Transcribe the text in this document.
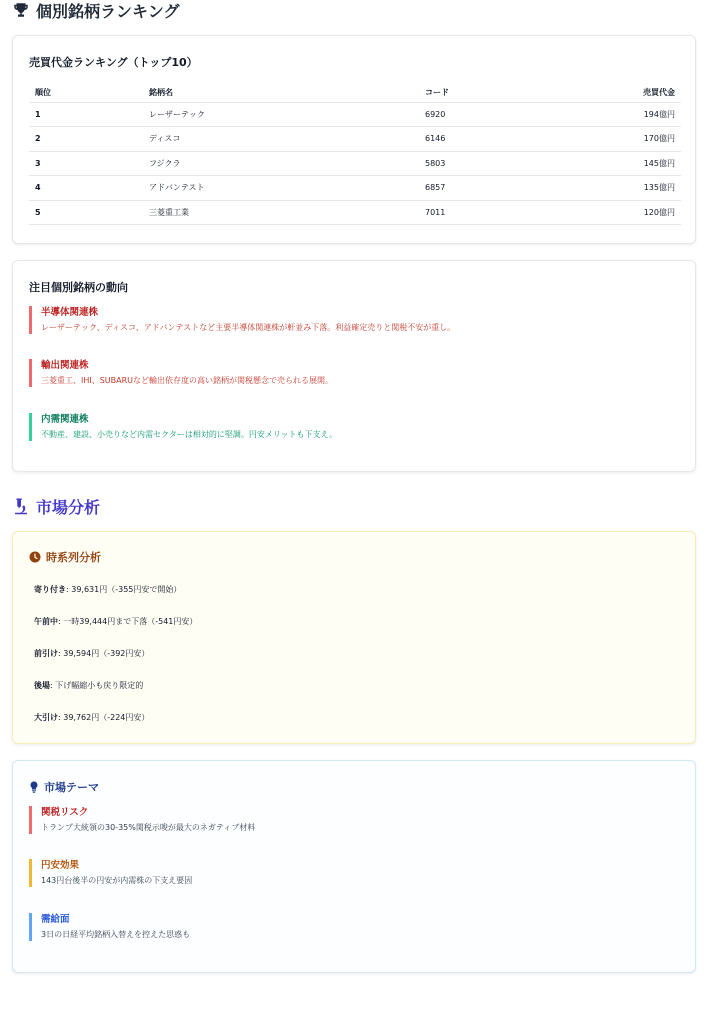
個別銘柄ランキング
売買代金ランキング（トップ10）
順位	銘柄名	コード	売買代金
1	レーザーテック	6920	194億円
2	ディスコ	6146	170億円
3	フジクラ	5803	145億円
4	アドバンテスト	6857	135億円
5	三菱重工業	7011	120億円
注目個別銘柄の動向
半導体関連株
レーザーテック、ディスコ、アドバンテストなど主要半導体関連株が軒並み下落。利益確定売りと関税不安が重し。
輸出関連株
三菱重工、IHI、SUBARUなど輸出依存度の高い銘柄が関税懸念で売られる展開。
内需関連株
不動産、建設、小売りなど内需セクターは相対的に堅調。円安メリットも下支え。
市場分析
時系列分析
寄り付き: 39,631円（-355円安で開始）
午前中: 一時39,444円まで下落（-541円安）
前引け: 39,594円（-392円安）
後場: 下げ幅縮小も戻り限定的
大引け: 39,762円（-224円安）
市場テーマ
関税リスク
トランプ大統領の30-35%関税示唆が最大のネガティブ材料
円安効果
143円台後半の円安が内需株の下支え要因
需給面
3日の日経平均銘柄入替えを控えた思惑も
